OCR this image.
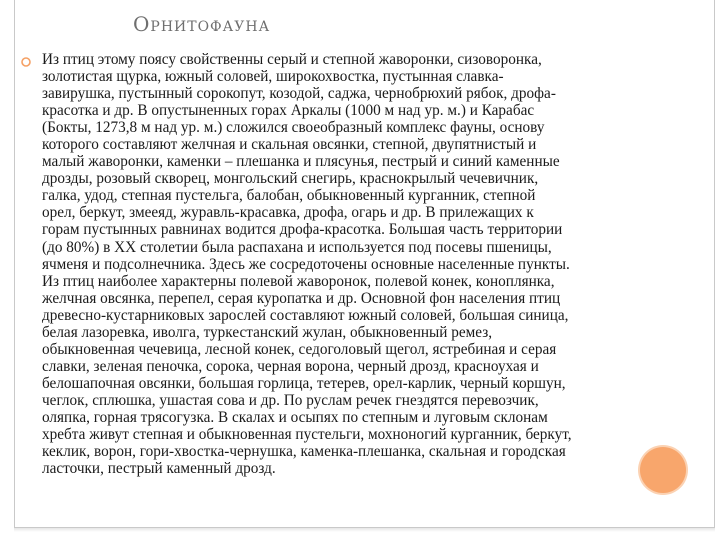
Орнитофауна

Из птиц этому поясу свойственны серый и степной жаворонки, сизоворонка,
золотистая щурка, южный соловей, широкохвостка, пустынная славка-
завирушка, пустынный сорокопут, козодой, саджа, чернобрюхий рябок, дрофа-
красотка и др. В опустыненных горах Аркалы (1000 м над ур. м.) и Карабас
(Бокты, 1273,8 м над ур. м.) сложился своеобразный комплекс фауны, основу
которого составляют желчная и скальная овсянки, степной, двупятнистый и
малый жаворонки, каменки – плешанка и плясунья, пестрый и синий каменные
дрозды, розовый скворец, монгольский снегирь, краснокрылый чечевичник,
галка, удод, степная пустельга, балобан, обыкновенный курганник, степной
орел, беркут, змееяд, журавль-красавка, дрофа, огарь и др. В прилежащих к
горам пустынных равнинах водится дрофа-красотка. Большая часть территории
(до 80%) в XX столетии была распахана и используется под посевы пшеницы,
ячменя и подсолнечника. Здесь же сосредоточены основные населенные пункты.
Из птиц наиболее характерны полевой жаворонок, полевой конек, коноплянка,
желчная овсянка, перепел, серая куропатка и др. Основной фон населения птиц
древесно-кустарниковых зарослей составляют южный соловей, большая синица,
белая лазоревка, иволга, туркестанский жулан, обыкновенный ремез,
обыкновенная чечевица, лесной конек, седоголовый щегол, ястребиная и серая
славки, зеленая пеночка, сорока, черная ворона, черный дрозд, красноухая и
белошапочная овсянки, большая горлица, тетерев, орел-карлик, черный коршун,
чеглок, сплюшка, ушастая сова и др. По руслам речек гнездятся перевозчик,
оляпка, горная трясогузка. В скалах и осыпях по степным и луговым склонам
хребта живут степная и обыкновенная пустельги, мохноногий курганник, беркут,
кеклик, ворон, гори-хвостка-чернушка, каменка-плешанка, скальная и городская
ласточки, пестрый каменный дрозд.
